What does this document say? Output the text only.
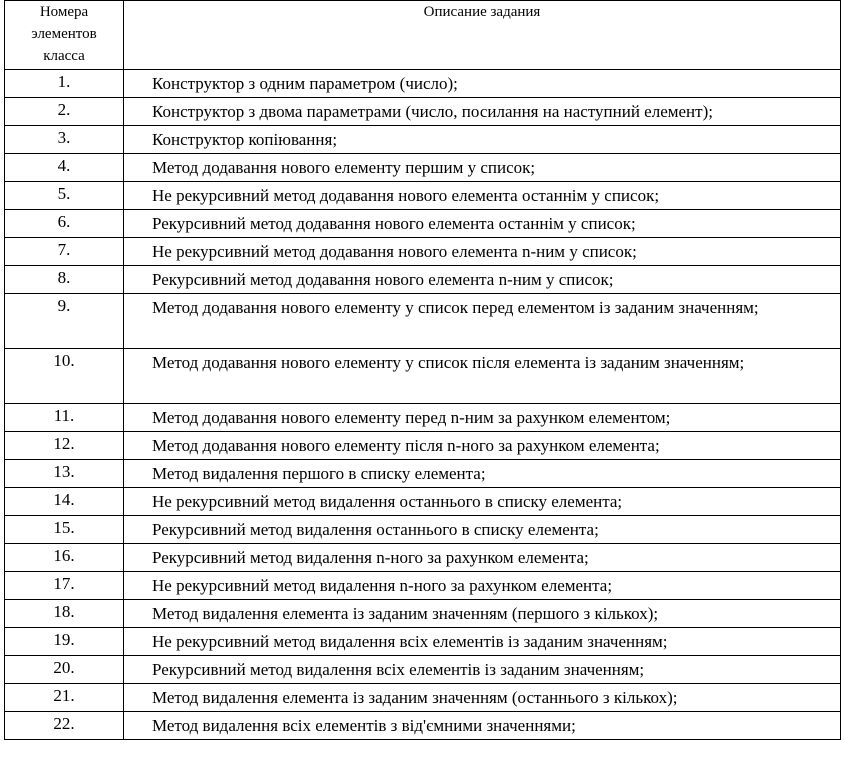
Номера элементов класса	Описание задания
1.	Конструктор з одним параметром (число);

2.	Конструктор з двома параметрами (число, посилання на наступний елемент);

3.	Конструктор копіювання;

4.	Метод додавання нового елементу першим у список;

5.	Не рекурсивний метод додавання нового елемента останнім у список;

6.	Рекурсивний метод додавання нового елемента останнім у список;

7.	Не рекурсивний метод додавання нового елемента n-ним у список;

8.	Рекурсивний метод додавання нового елемента n-ним у список;

9.	Метод додавання нового елементу у список перед елементом із заданим значенням;

10.	Метод додавання нового елементу у список після елемента із заданим значенням;

11.	Метод додавання нового елементу перед n-ним за рахунком елементом;

12.	Метод додавання нового елементу після n-ного за рахунком елемента;

13.	Метод видалення першого в списку елемента;

14.	Не рекурсивний метод видалення останнього в списку елемента;

15.	Рекурсивний метод видалення останнього в списку елемента;

16.	Рекурсивний метод видалення n-ного за рахунком елемента;

17.	Не рекурсивний метод видалення n-ного за рахунком елемента;

18.	Метод видалення елемента із заданим значенням (першого з кількох);

19.	Не рекурсивний метод видалення всіх елементів із заданим значенням;

20.	Рекурсивний метод видалення всіх елементів із заданим значенням;

21.	Метод видалення елемента із заданим значенням (останнього з кількох);

22.	Метод видалення всіх елементів з від'ємними значеннями;
